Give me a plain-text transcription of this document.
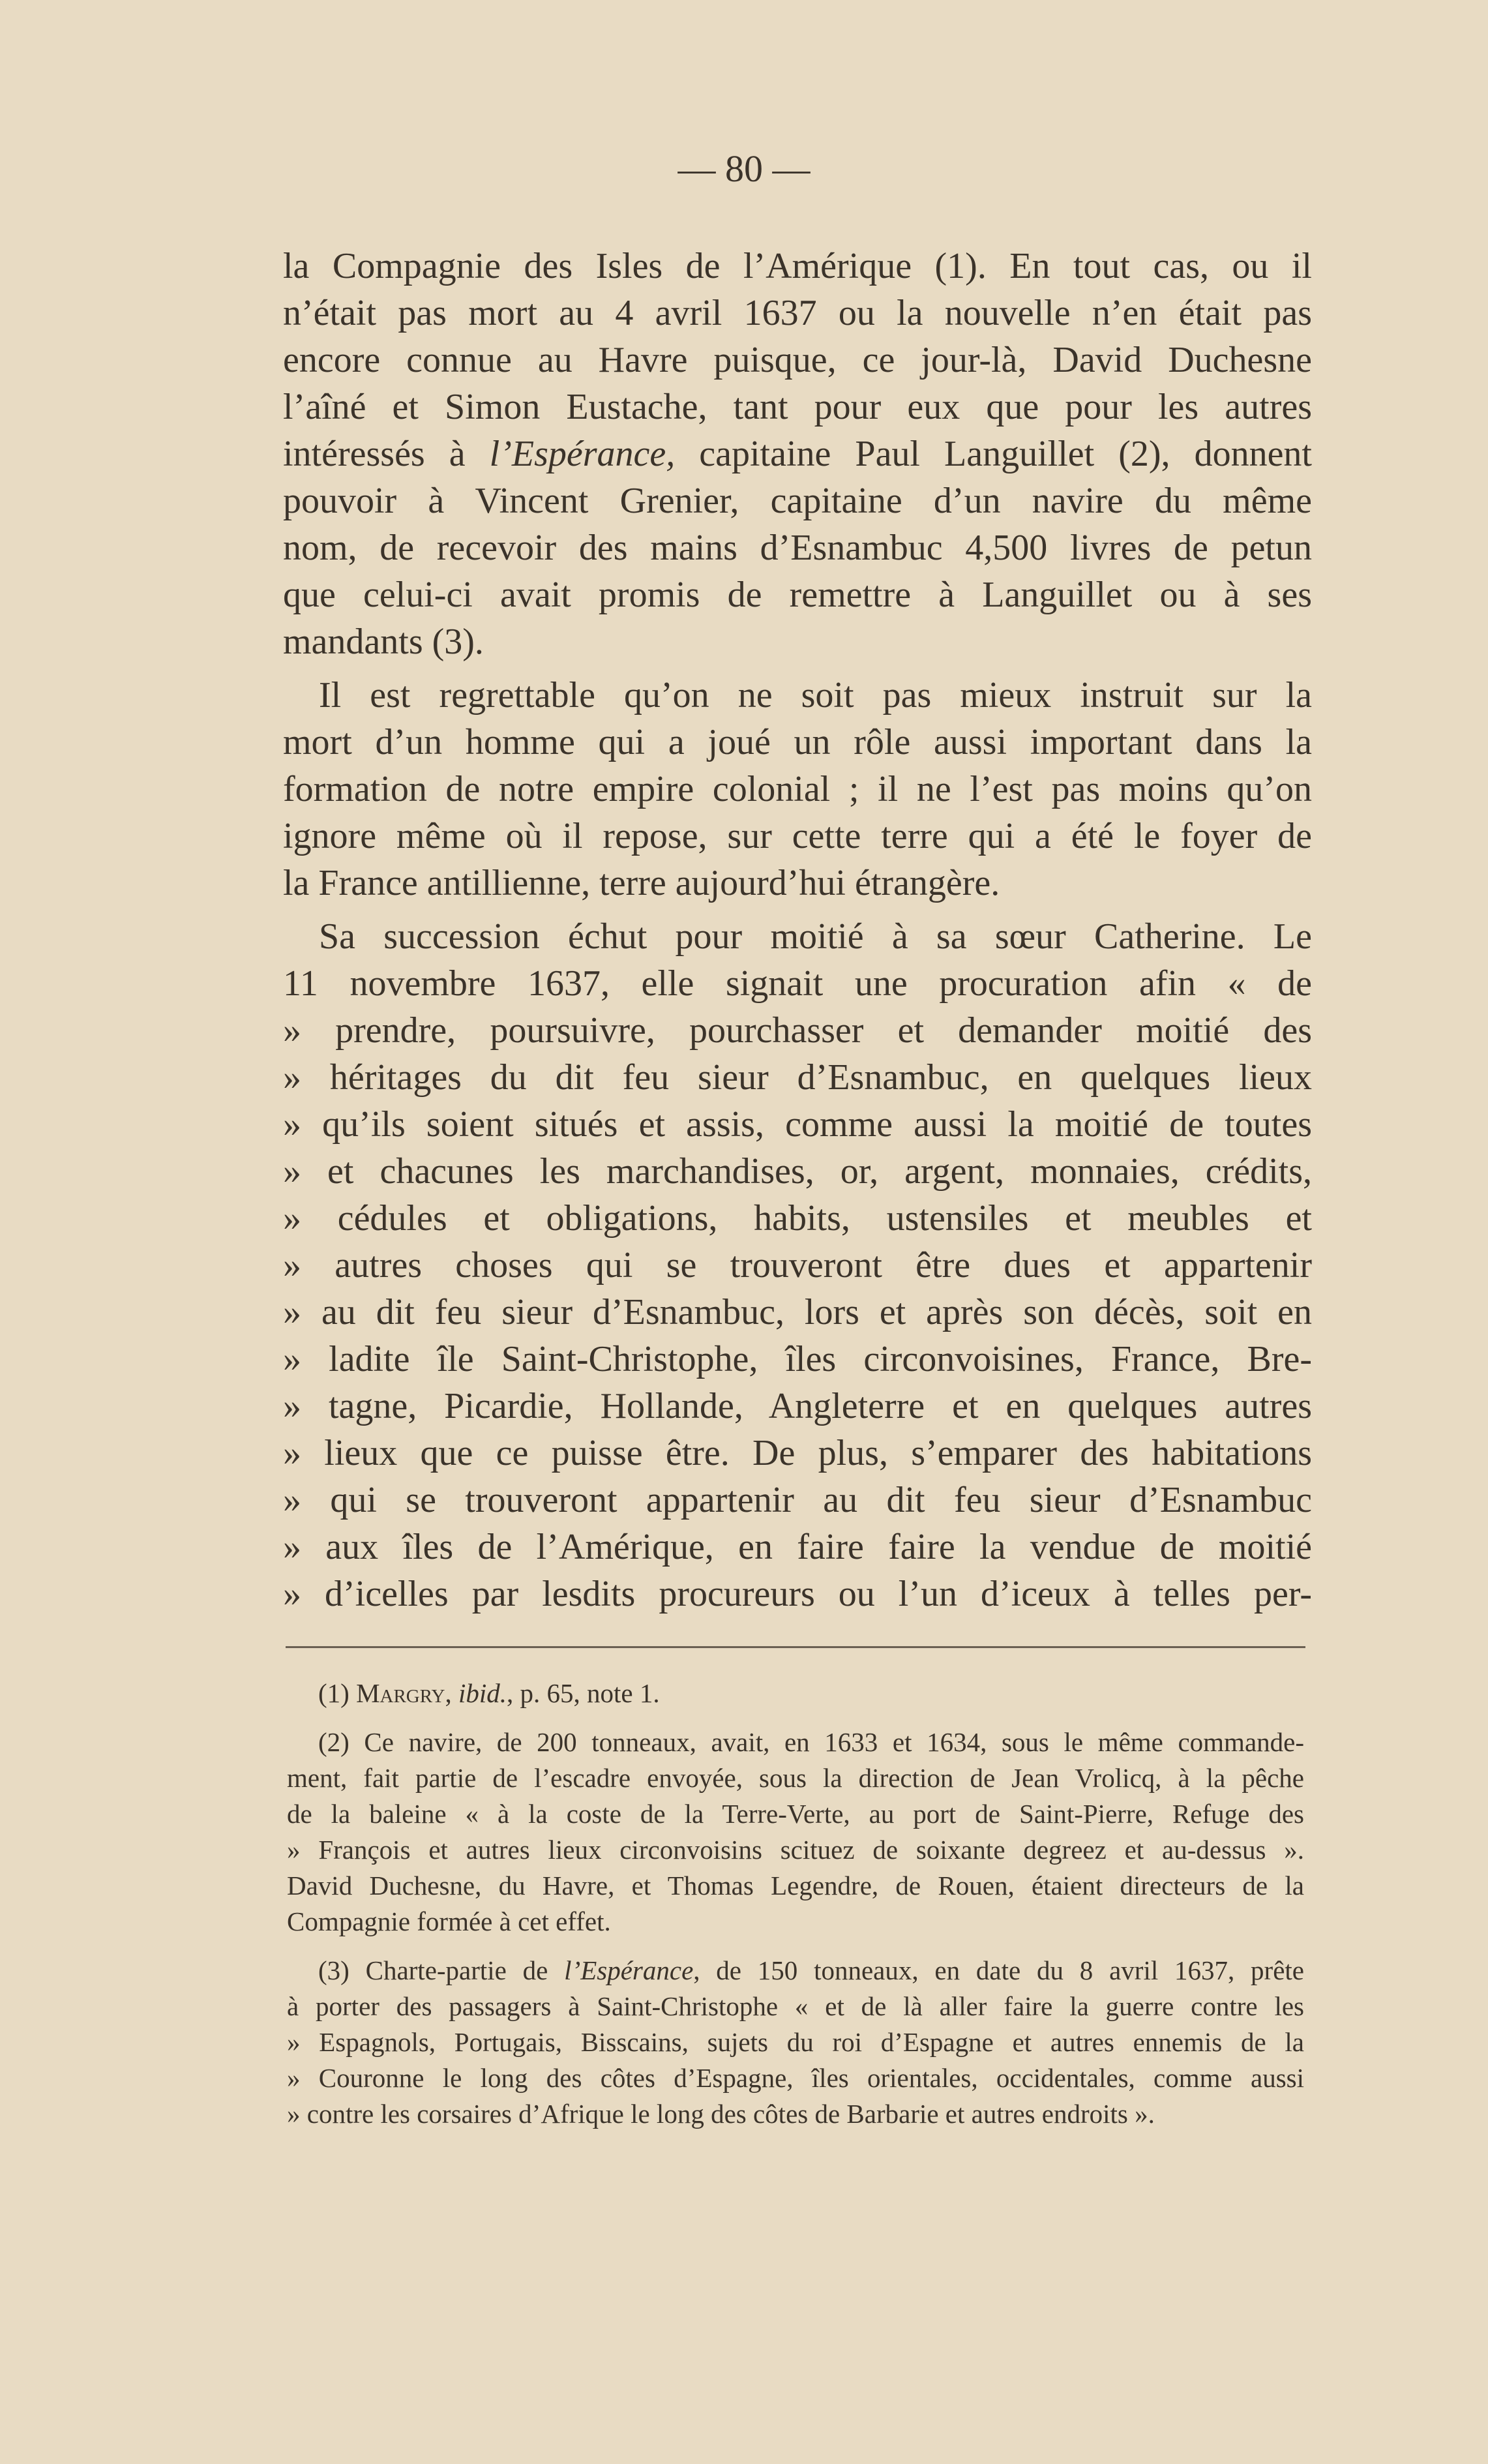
— 80 —
la Compagnie des Isles de l’Amérique (1). En tout cas, ou il
n’était pas mort au 4 avril 1637 ou la nouvelle n’en était pas
encore connue au Havre puisque, ce jour-là, David Duchesne
l’aîné et Simon Eustache, tant pour eux que pour les autres
intéressés à l’Espérance, capitaine Paul Languillet (2), donnent
pouvoir à Vincent Grenier, capitaine d’un navire du même
nom, de recevoir des mains d’Esnambuc 4,500 livres de petun
que celui-ci avait promis de remettre à Languillet ou à ses
mandants (3).
Il est regrettable qu’on ne soit pas mieux instruit sur la
mort d’un homme qui a joué un rôle aussi important dans la
formation de notre empire colonial ; il ne l’est pas moins qu’on
ignore même où il repose, sur cette terre qui a été le foyer de
la France antillienne, terre aujourd’hui étrangère.
Sa succession échut pour moitié à sa sœur Catherine. Le
11 novembre 1637, elle signait une procuration afin « de
» prendre, poursuivre, pourchasser et demander moitié des
» héritages du dit feu sieur d’Esnambuc, en quelques lieux
» qu’ils soient situés et assis, comme aussi la moitié de toutes
» et chacunes les marchandises, or, argent, monnaies, crédits,
» cédules et obligations, habits, ustensiles et meubles et
» autres choses qui se trouveront être dues et appartenir
» au dit feu sieur d’Esnambuc, lors et après son décès, soit en
» ladite île Saint-Christophe, îles circonvoisines, France, Bre-
» tagne, Picardie, Hollande, Angleterre et en quelques autres
» lieux que ce puisse être. De plus, s’emparer des habitations
» qui se trouveront appartenir au dit feu sieur d’Esnambuc
» aux îles de l’Amérique, en faire faire la vendue de moitié
» d’icelles par lesdits procureurs ou l’un d’iceux à telles per-
(1) Margry, ibid., p. 65, note 1.
(2) Ce navire, de 200 tonneaux, avait, en 1633 et 1634, sous le même commande-
ment, fait partie de l’escadre envoyée, sous la direction de Jean Vrolicq, à la pêche
de la baleine « à la coste de la Terre-Verte, au port de Saint-Pierre, Refuge des
» François et autres lieux circonvoisins scituez de soixante degreez et au-dessus ».
David Duchesne, du Havre, et Thomas Legendre, de Rouen, étaient directeurs de la
Compagnie formée à cet effet.
(3) Charte-partie de l’Espérance, de 150 tonneaux, en date du 8 avril 1637, prête
à porter des passagers à Saint-Christophe « et de là aller faire la guerre contre les
» Espagnols, Portugais, Bisscains, sujets du roi d’Espagne et autres ennemis de la
» Couronne le long des côtes d’Espagne, îles orientales, occidentales, comme aussi
» contre les corsaires d’Afrique le long des côtes de Barbarie et autres endroits ».
